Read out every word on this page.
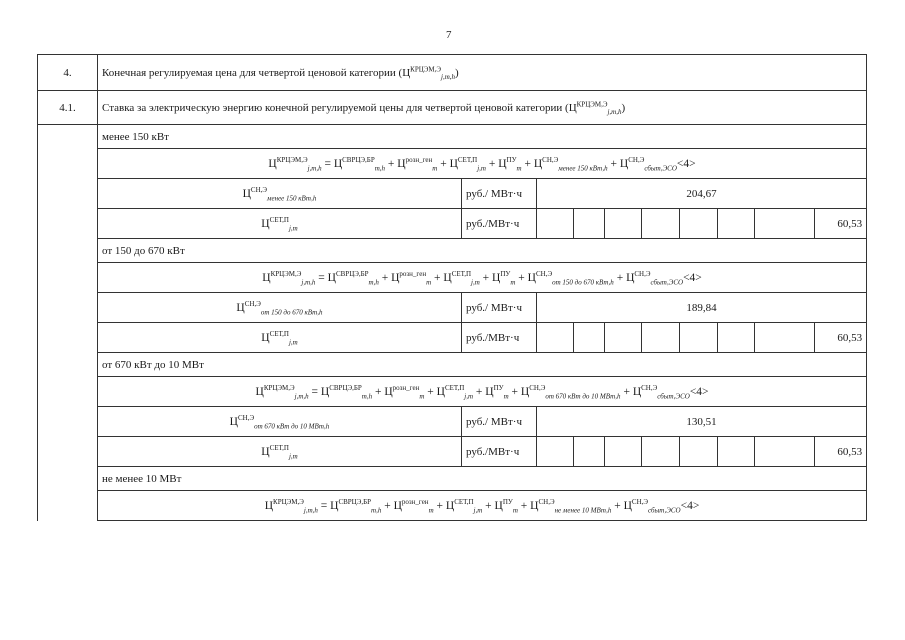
7
4.	Конечная регулируемая цена для четвертой ценовой категории $(Ц^{КРЦЭМ,Э}_{j,m,h})$									
4.1.	Ставка за электрическую энергию конечной регулируемой цены для четвертой ценовой категории $(Ц^{КРЦЭМ,Э}_{j,m,h})$									
	менее 150 кВт									
	$Ц^{КРЦЭМ,Э}_{j,m,h} = Ц^{СВРЦЭ,БР}_{m,h} + Ц^{розн\_ген}_m + Ц^{СЕТ,П}_{j,m} + Ц^{ПУ}_m + Ц^{СН,Э}_{менее 150 кВт,h} + Ц^{СН,Э}_{сбыт,ЭСО}<4>$									
	$Ц^{СН,Э}_{менее 150 кВт,h}$	руб./ МВт·ч	204,67							
	$Ц^{СЕТ,П}_{j,m}$	руб./МВт·ч								60,53
	от 150 до 670 кВт									
	$Ц^{КРЦЭМ,Э}_{j,m,h} = Ц^{СВРЦЭ,БР}_{m,h} + Ц^{розн\_ген}_m + Ц^{СЕТ,П}_{j,m} + Ц^{ПУ}_m + Ц^{СН,Э}_{от 150 до 670 кВт,h} + Ц^{СН,Э}_{сбыт,ЭСО}<4>$									
	$Ц^{СН,Э}_{от 150 до 670 кВт,h}$	руб./ МВт·ч	189,84							
	$Ц^{СЕТ,П}_{j,m}$	руб./МВт·ч								60,53
	от 670 кВт до 10 МВт									
	$Ц^{КРЦЭМ,Э}_{j,m,h} = Ц^{СВРЦЭ,БР}_{m,h} + Ц^{розн\_ген}_m + Ц^{СЕТ,П}_{j,m} + Ц^{ПУ}_m + Ц^{СН,Э}_{от 670 кВт до 10 МВт,h} + Ц^{СН,Э}_{сбыт,ЭСО}<4>$									
	$Ц^{СН,Э}_{от 670 кВт до 10 МВт,h}$	руб./ МВт·ч	130,51							
	$Ц^{СЕТ,П}_{j,m}$	руб./МВт·ч								60,53
	не менее 10 МВт									
	$Ц^{КРЦЭМ,Э}_{j,m,h} = Ц^{СВРЦЭ,БР}_{m,h} + Ц^{розн\_ген}_m + Ц^{СЕТ,П}_{j,m} + Ц^{ПУ}_m + Ц^{СН,Э}_{не менее 10 МВт,h} + Ц^{СН,Э}_{сбыт,ЭСО}<4>$									
